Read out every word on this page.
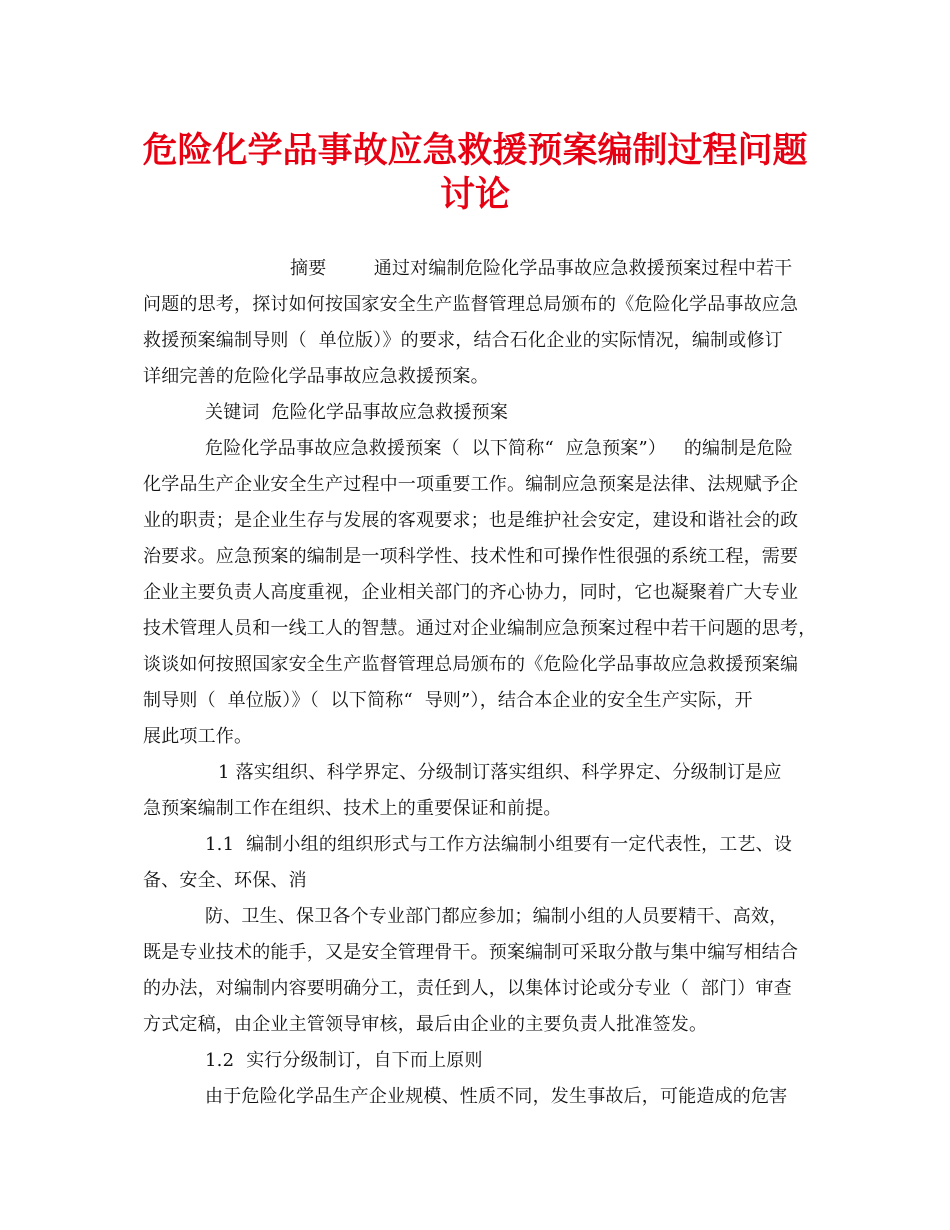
危险化学品事故应急救援预案编制过程问题
讨论
摘要        通过对编制危险化学品事故应急救援预案过程中若干
问题的思考，探讨如何按国家安全生产监督管理总局颁布的《危险化学品事故应急
救援预案编制导则（  单位版）》的要求，结合石化企业的实际情况，编制或修订
详细完善的危险化学品事故应急救援预案。
关键词  危险化学品事故应急救援预案
危险化学品事故应急救援预案（  以下简称“  应急预案”）   的编制是危险
化学品生产企业安全生产过程中一项重要工作。编制应急预案是法律、法规赋予企
业的职责；是企业生存与发展的客观要求；也是维护社会安定，建设和谐社会的政
治要求。应急预案的编制是一项科学性、技术性和可操作性很强的系统工程，需要
企业主要负责人高度重视，企业相关部门的齐心协力，同时，它也凝聚着广大专业
技术管理人员和一线工人的智慧。通过对企业编制应急预案过程中若干问题的思考，
谈谈如何按照国家安全生产监督管理总局颁布的《危险化学品事故应急救援预案编
制导则（  单位版）》（  以下简称“  导则”），结合本企业的安全生产实际，开
展此项工作。
1 落实组织、科学界定、分级制订落实组织、科学界定、分级制订是应
急预案编制工作在组织、技术上的重要保证和前提。
1.1  编制小组的组织形式与工作方法编制小组要有一定代表性，工艺、设
备、安全、环保、消
防、卫生、保卫各个专业部门都应参加；编制小组的人员要精干、高效，
既是专业技术的能手，又是安全管理骨干。预案编制可采取分散与集中编写相结合
的办法，对编制内容要明确分工，责任到人，以集体讨论或分专业（  部门）审查
方式定稿，由企业主管领导审核，最后由企业的主要负责人批准签发。
1.2  实行分级制订，自下而上原则
由于危险化学品生产企业规模、性质不同，发生事故后，可能造成的危害
